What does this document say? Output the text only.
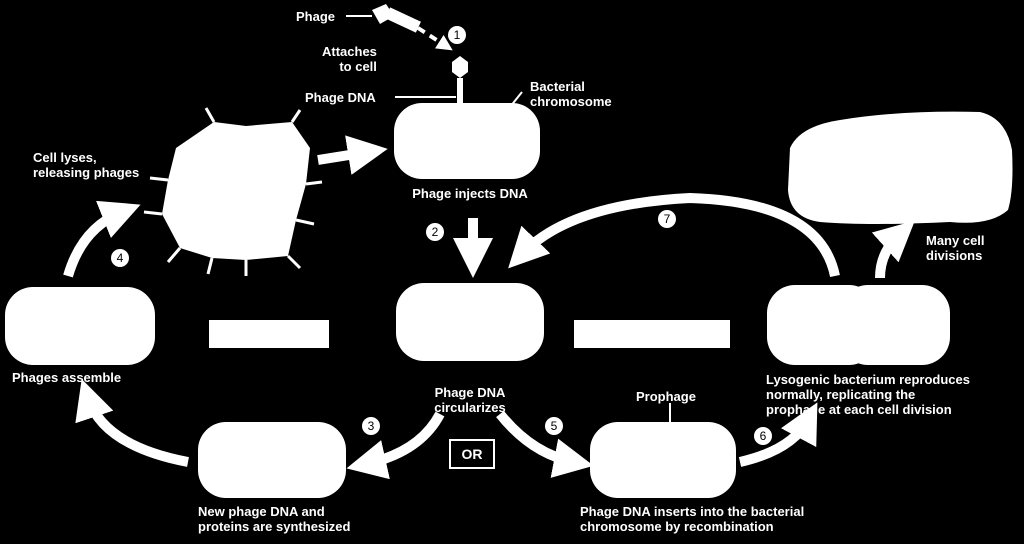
1
2
3
4
5
6
7
Phage
Attaches
to cell
Phage DNA
Bacterial
chromosome
Cell lyses,
releasing phages
Phage injects DNA
Many cell
divisions
Phages assemble
Phage DNA
circularizes
Prophage
Lysogenic bacterium reproduces
normally, replicating the
prophage at each cell division
New phage DNA and
proteins are synthesized
Phage DNA inserts into the bacterial
chromosome by recombination
OR
